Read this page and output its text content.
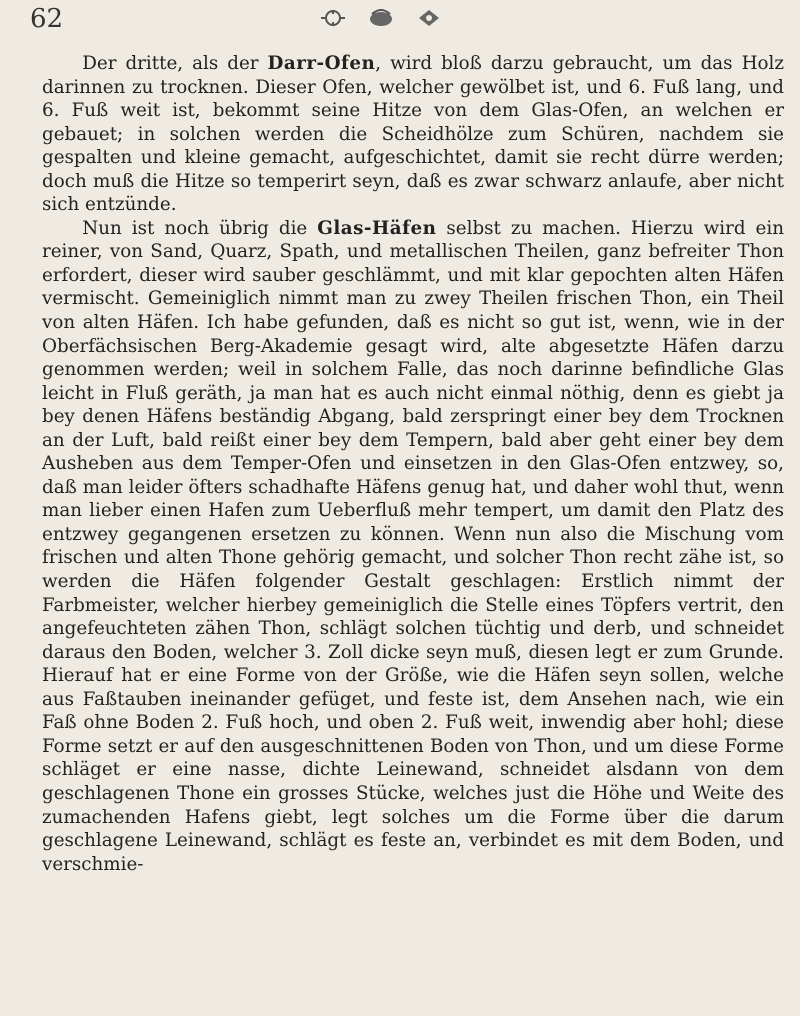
62

Der dritte, als der Darr-Ofen, wird bloß darzu gebraucht, um das Holz darinnen zu trocknen. Dieser Ofen, welcher gewölbet ist, und 6. Fuß lang, und 6. Fuß weit ist, bekommt seine Hitze von dem Glas-Ofen, an welchen er gebauet; in solchen werden die Scheidhölze zum Schüren, nachdem sie gespalten und kleine gemacht, aufgeschichtet, damit sie recht dürre werden; doch muß die Hitze so temperirt seyn, daß es zwar schwarz anlaufe, aber nicht sich entzünde.

Nun ist noch übrig die Glas-Häfen selbst zu machen. Hierzu wird ein reiner, von Sand, Quarz, Spath, und metallischen Theilen, ganz befreiter Thon erfordert, dieser wird sauber geschlämmt, und mit klar gepochten alten Häfen vermischt. Gemeiniglich nimmt man zu zwey Theilen frischen Thon, ein Theil von alten Häfen. Ich habe gefunden, daß es nicht so gut ist, wenn, wie in der Oberfächsischen Berg-Akademie gesagt wird, alte abgesetzte Häfen darzu genommen werden; weil in solchem Falle, das noch darinne befindliche Glas leicht in Fluß geräth, ja man hat es auch nicht einmal nöthig, denn es giebt ja bey denen Häfens beständig Abgang, bald zerspringt einer bey dem Trocknen an der Luft, bald reißt einer bey dem Tempern, bald aber geht einer bey dem Ausheben aus dem Temper-Ofen und einsetzen in den Glas-Ofen entzwey, so, daß man leider öfters schadhafte Häfens genug hat, und daher wohl thut, wenn man lieber einen Hafen zum Ueberfluß mehr tempert, um damit den Platz des entzwey gegangenen ersetzen zu können. Wenn nun also die Mischung vom frischen und alten Thone gehörig gemacht, und solcher Thon recht zähe ist, so werden die Häfen folgender Gestalt geschlagen: Erstlich nimmt der Farbmeister, welcher hierbey gemeiniglich die Stelle eines Töpfers vertrit, den angefeuchteten zähen Thon, schlägt solchen tüchtig und derb, und schneidet daraus den Boden, welcher 3. Zoll dicke seyn muß, diesen legt er zum Grunde. Hierauf hat er eine Forme von der Größe, wie die Häfen seyn sollen, welche aus Faßtauben ineinander gefüget, und feste ist, dem Ansehen nach, wie ein Faß ohne Boden 2. Fuß hoch, und oben 2. Fuß weit, inwendig aber hohl; diese Forme setzt er auf den ausgeschnittenen Boden von Thon, und um diese Forme schläget er eine nasse, dichte Leinewand, schneidet alsdann von dem geschlagenen Thone ein grosses Stücke, welches just die Höhe und Weite des zumachenden Hafens giebt, legt solches um die Forme über die darum geschlagene Leinewand, schlägt es feste an, verbindet es mit dem Boden, und verschmie-
